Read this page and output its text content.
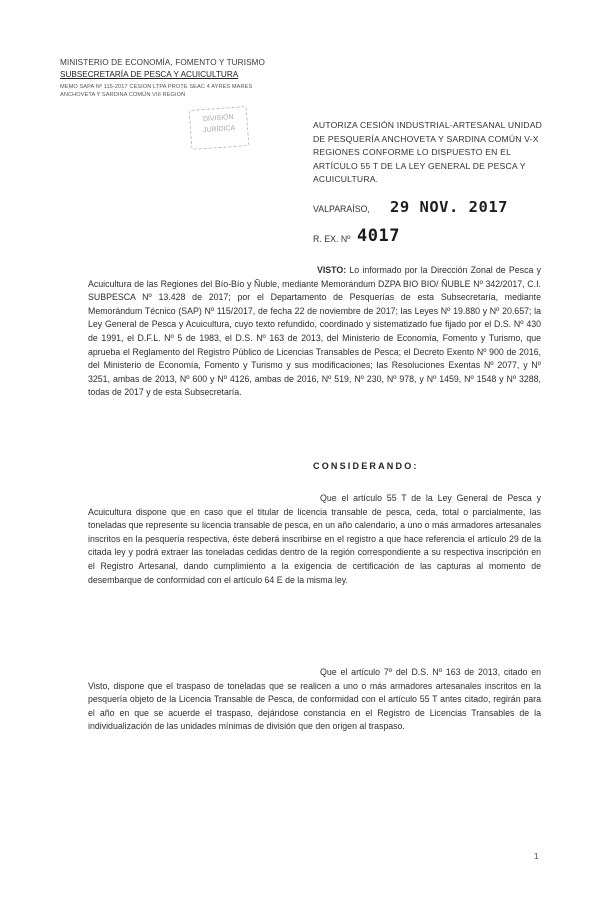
MINISTERIO DE ECONOMÍA, FOMENTO Y TURISMO
SUBSECRETARÍA DE PESCA Y ACUICULTURA
MEMO SAPA Nº 115-2017 CESION LTPA PROTE SEAC 4 AYRES MARES
ANCHOVETA Y SARDINA COMÚN VIII REGION
DIVISIÓN
JURÍDICA	AUTORIZA CESIÓN INDUSTRIAL-ARTESANAL UNIDAD DE PESQUERÍA ANCHOVETA Y SARDINA COMÚN V-X REGIONES CONFORME LO DISPUESTO EN EL ARTÍCULO 55 T DE LA LEY GENERAL DE PESCA Y ACUICULTURA.
VALPARAÍSO, 29 NOV. 2017
R. EX. Nº 4017
VISTO: Lo informado por la Dirección Zonal de Pesca y Acuicultura de las Regiones del Bío-Bío y Ñuble, mediante Memorándum DZPA BIO BIO/ ÑUBLE Nº 342/2017, C.I. SUBPESCA Nº 13.428 de 2017; por el Departamento de Pesquerías de esta Subsecretaría, mediante Memorándum Técnico (SAP) Nº 115/2017, de fecha 22 de noviembre de 2017; las Leyes Nº 19.880 y Nº 20.657; la Ley General de Pesca y Acuicultura, cuyo texto refundido, coordinado y sistematizado fue fijado por el D.S. Nº 430 de 1991, el D.F.L. Nº 5 de 1983, el D.S. Nº 163 de 2013, del Ministerio de Economía, Fomento y Turismo, que aprueba el Reglamento del Registro Público de Licencias Transables de Pesca; el Decreto Exento Nº 900 de 2016, del Ministerio de Economía, Fomento y Turismo y sus modificaciones; las Resoluciones Exentas Nº 2077, y Nº 3251, ambas de 2013, Nº 600 y Nº 4126, ambas de 2016, Nº 519, Nº 230, Nº 978, y Nº 1459, Nº 1548 y Nº 3288, todas de 2017 y de esta Subsecretaría.
CONSIDERANDO:
Que el artículo 55 T de la Ley General de Pesca y Acuicultura dispone que en caso que el titular de licencia transable de pesca, ceda, total o parcialmente, las toneladas que represente su licencia transable de pesca, en un año calendario, a uno o más armadores artesanales inscritos en la pesquería respectiva, éste deberá inscribirse en el registro a que hace referencia el artículo 29 de la citada ley y podrá extraer las toneladas cedidas dentro de la región correspondiente a su respectiva inscripción en el Registro Artesanal, dando cumplimiento a la exigencia de certificación de las capturas al momento de desembarque de conformidad con el artículo 64 E de la misma ley.
Que el artículo 7º del D.S. Nº 163 de 2013, citado en Visto, dispone que el traspaso de toneladas que se realicen a uno o más armadores artesanales inscritos en la pesquería objeto de la Licencia Transable de Pesca, de conformidad con el artículo 55 T antes citado, regirán para el año en que se acuerde el traspaso, dejándose constancia en el Registro de Licencias Transables de la individualización de las unidades mínimas de división que den origen al traspaso.
1
